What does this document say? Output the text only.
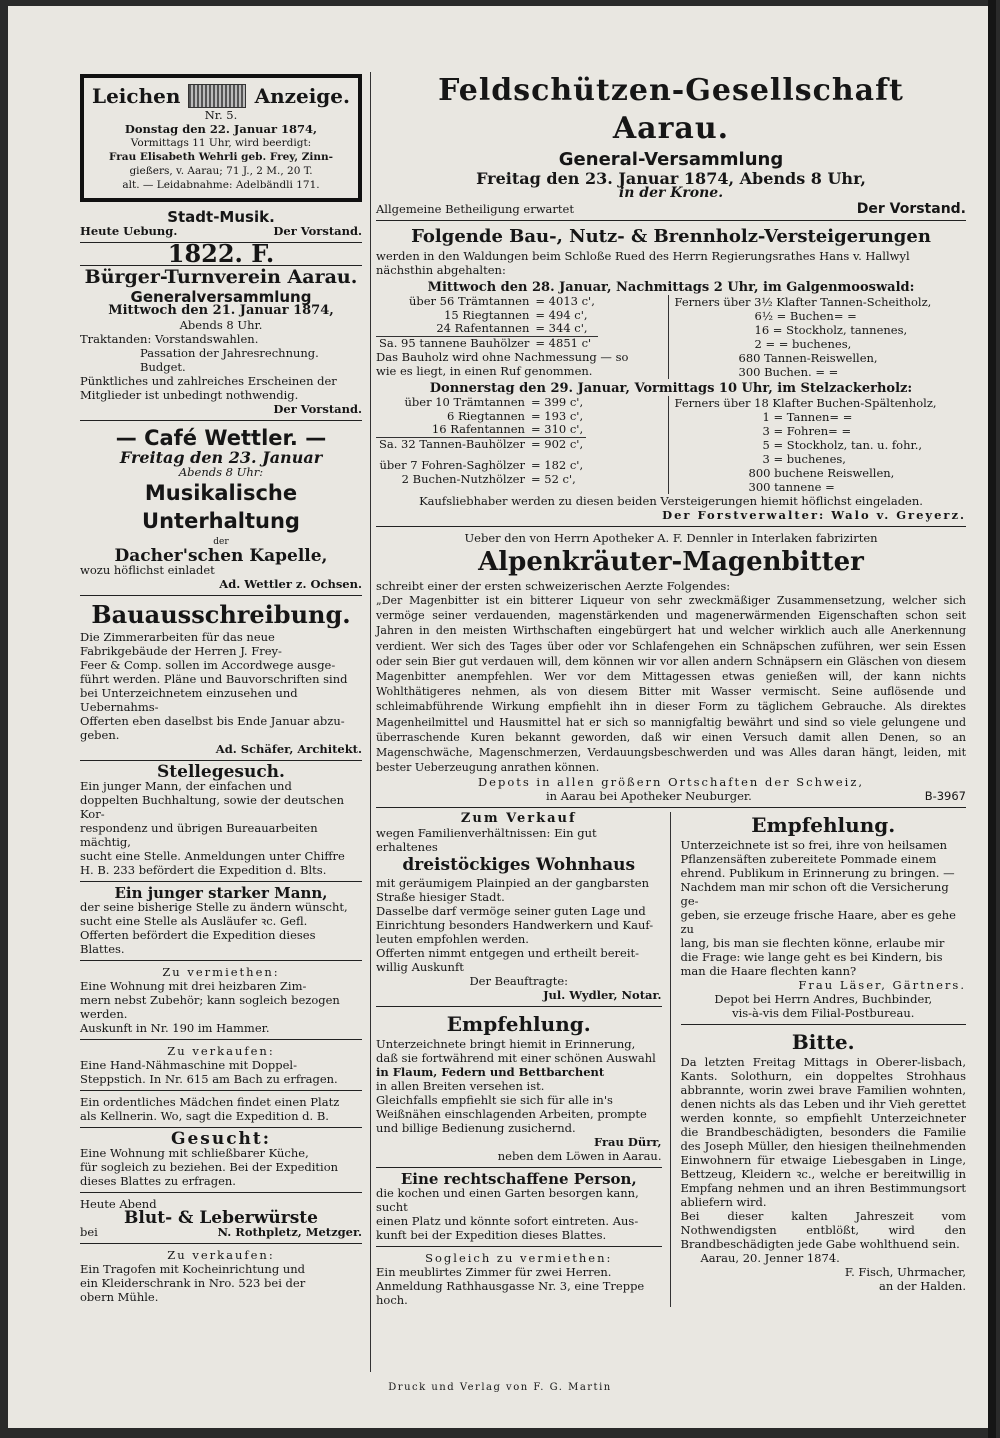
Leichen	Anzeige.
Nr. 5.
Donstag den 22. Januar 1874,
Vormittags 11 Uhr, wird beerdigt:
Frau Elisabeth Wehrli geb. Frey, Zinn-
gießers, v. Aarau; 71 J., 2 M., 20 T.
alt. — Leidabnahme: Adelbändli 171.
Stadt-Musik.
Heute Uebung.	Der Vorstand.
1822. F.
Bürger-Turnverein Aarau.
Generalversammlung
Mittwoch den 21. Januar 1874,
Abends 8 Uhr.
Traktanden: Vorstandswahlen.
Passation der Jahresrechnung.
Budget.
Pünktliches und zahlreiches Erscheinen der
Mitglieder ist unbedingt nothwendig.
Der Vorstand.
— Café Wettler. —
Freitag den 23. Januar
Abends 8 Uhr:
Musikalische Unterhaltung
der
Dacher'schen Kapelle,
wozu höflichst einladet
Ad. Wettler z. Ochsen.
Bauausschreibung.
Die Zimmerarbeiten für das neue
Fabrikgebäude der Herren J. Frey-
Feer & Comp. sollen im Accordwege ausge-
führt werden. Pläne und Bauvorschriften sind
bei Unterzeichnetem einzusehen und Uebernahms-
Offerten eben daselbst bis Ende Januar abzu-
geben.
Ad. Schäfer, Architekt.
Stellegesuch.
Ein junger Mann, der einfachen und
doppelten Buchhaltung, sowie der deutschen Kor-
respondenz und übrigen Bureauarbeiten mächtig,
sucht eine Stelle. Anmeldungen unter Chiffre
H. B. 233 befördert die Expedition d. Blts.
Ein junger starker Mann,
der seine bisherige Stelle zu ändern wünscht,
sucht eine Stelle als Ausläufer ꝛc. Gefl.
Offerten befördert die Expedition dieses Blattes.
Zu vermiethen:
Eine Wohnung mit drei heizbaren Zim-
mern nebst Zubehör; kann sogleich bezogen werden.
Auskunft in Nr. 190 im Hammer.
Zu verkaufen:
Eine Hand-Nähmaschine mit Doppel-
Steppstich. In Nr. 615 am Bach zu erfragen.
Ein ordentliches Mädchen findet einen Platz
als Kellnerin. Wo, sagt die Expedition d. B.
Gesucht:
Eine Wohnung mit schließbarer Küche,
für sogleich zu beziehen. Bei der Expedition
dieses Blattes zu erfragen.
Heute Abend
Blut- & Leberwürste
bei	N. Rothpletz, Metzger.
Zu verkaufen:
Ein Tragofen mit Kocheinrichtung und
ein Kleiderschrank in Nro. 523 bei der
obern Mühle.
Feldschützen-Gesellschaft Aarau.
General-Versammlung
Freitag den 23. Januar 1874, Abends 8 Uhr,
in der Krone.
Allgemeine Betheiligung erwartet	Der Vorstand.
Folgende Bau-, Nutz- & Brennholz-Versteigerungen
werden in den Waldungen beim Schloße Rued des Herrn Regierungsrathes Hans v. Hallwyl
nächsthin abgehalten:
Mittwoch den 28. Januar, Nachmittags 2 Uhr, im Galgenmooswald:
über 56 Trämtannen	= 4013 c',
15 Riegtannen	= 494 c',
24 Rafentannen	= 344 c',
Sa. 95 tannene Bauhölzer	= 4851 c'
Das Bauholz wird ohne Nachmessung — so
wie es liegt, in einen Ruf genommen.
Ferners über 3½ Klafter Tannen-Scheitholz,
6½ = Buchen= =
16 = Stockholz, tannenes,
2 = = buchenes,
680 Tannen-Reiswellen,
300 Buchen. = =
Donnerstag den 29. Januar, Vormittags 10 Uhr, im Stelzackerholz:
über 10 Trämtannen	= 399 c',
6 Riegtannen	= 193 c',
16 Rafentannen	= 310 c',
Sa. 32 Tannen-Bauhölzer	= 902 c',
über 7 Fohren-Saghölzer	= 182 c',
2 Buchen-Nutzhölzer	= 52 c',
Ferners über 18 Klafter Buchen-Spältenholz,
1 = Tannen= =
3 = Fohren= =
5 = Stockholz, tan. u. fohr.,
3 = buchenes,
800 buchene Reiswellen,
300 tannene =
Kaufsliebhaber werden zu diesen beiden Versteigerungen hiemit höflichst eingeladen.
Der Forstverwalter: Walo v. Greyerz.
Ueber den von Herrn Apotheker A. F. Dennler in Interlaken fabrizirten
Alpenkräuter-Magenbitter
schreibt einer der ersten schweizerischen Aerzte Folgendes:

„Der Magenbitter ist ein bitterer Liqueur von sehr zweckmäßiger Zusammensetzung, welcher sich vermöge seiner verdauenden, magenstärkenden und magenerwärmenden Eigenschaften schon seit Jahren in den meisten Wirthschaften eingebürgert hat und welcher wirklich auch alle Anerkennung verdient. Wer sich des Tages über oder vor Schlafengehen ein Schnäpschen zuführen, wer sein Essen oder sein Bier gut verdauen will, dem können wir vor allen andern Schnäpsern ein Gläschen von diesem Magenbitter anempfehlen. Wer vor dem Mittagessen etwas genießen will, der kann nichts Wohlthätigeres nehmen, als von diesem Bitter mit Wasser vermischt. Seine auflösende und schleimabführende Wirkung empfiehlt ihn in dieser Form zu täglichem Gebrauche. Als direktes Magenheilmittel und Hausmittel hat er sich so mannigfaltig bewährt und sind so viele gelungene und überraschende Kuren bekannt geworden, daß wir einen Versuch damit allen Denen, so an Magenschwäche, Magenschmerzen, Verdauungsbeschwerden und was Alles daran hängt, leiden, mit bester Ueberzeugung anrathen können.

Depots in allen größern Ortschaften der Schweiz,
in Aarau bei Apotheker Neuburger.	B-3967
Zum Verkauf
wegen Familienverhältnissen: Ein gut erhaltenes
dreistöckiges Wohnhaus
mit geräumigem Plainpied an der gangbarsten
Straße hiesiger Stadt.
Dasselbe darf vermöge seiner guten Lage und
Einrichtung besonders Handwerkern und Kauf-
leuten empfohlen werden.
Offerten nimmt entgegen und ertheilt bereit-
willig Auskunft
Der Beauftragte:
Jul. Wydler, Notar.
Empfehlung.
Unterzeichnete bringt hiemit in Erinnerung,
daß sie fortwährend mit einer schönen Auswahl
in Flaum, Federn und Bettbarchent
in allen Breiten versehen ist.
Gleichfalls empfiehlt sie sich für alle in's
Weißnähen einschlagenden Arbeiten, prompte
und billige Bedienung zusichernd.
Frau Dürr,
neben dem Löwen in Aarau.
Eine rechtschaffene Person,
die kochen und einen Garten besorgen kann, sucht
einen Platz und könnte sofort eintreten. Aus-
kunft bei der Expedition dieses Blattes.
Sogleich zu vermiethen:
Ein meublirtes Zimmer für zwei Herren.
Anmeldung Rathhausgasse Nr. 3, eine Treppe hoch.
Empfehlung.
Unterzeichnete ist so frei, ihre von heilsamen
Pflanzensäften zubereitete Pommade einem
ehrend. Publikum in Erinnerung zu bringen. —
Nachdem man mir schon oft die Versicherung ge-
geben, sie erzeuge frische Haare, aber es gehe zu
lang, bis man sie flechten könne, erlaube mir
die Frage: wie lange geht es bei Kindern, bis
man die Haare flechten kann?
Frau Läser, Gärtners.
Depot bei Herrn Andres, Buchbinder,
vis-à-vis dem Filial-Postbureau.
Bitte.

Da letzten Freitag Mittags in Oberer-lisbach, Kants. Solothurn, ein doppeltes Strohhaus abbrannte, worin zwei brave Familien wohnten, denen nichts als das Leben und ihr Vieh gerettet werden konnte, so empfiehlt Unterzeichneter die Brandbeschädigten, besonders die Familie des Joseph Müller, den hiesigen theilnehmenden Einwohnern für etwaige Liebesgaben in Linge, Bettzeug, Kleidern ꝛc., welche er bereitwillig in Empfang nehmen und an ihren Bestimmungsort abliefern wird.

Bei dieser kalten Jahreszeit vom Nothwendigsten entblößt, wird den Brandbeschädigten jede Gabe wohlthuend sein.

Aarau, 20. Jenner 1874.
F. Fisch, Uhrmacher,
an der Halden.
Druck und Verlag von F. G. Martin
